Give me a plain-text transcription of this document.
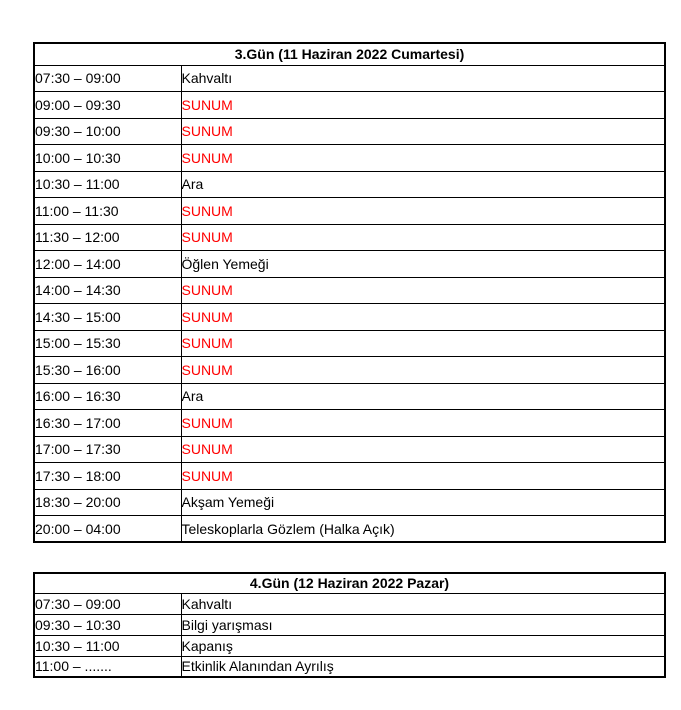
3.Gün (11 Haziran 2022 Cumartesi)	
07:30 – 09:00	Kahvaltı
09:00 – 09:30	SUNUM
09:30 – 10:00	SUNUM
10:00 – 10:30	SUNUM
10:30 – 11:00	Ara
11:00 – 11:30	SUNUM
11:30 – 12:00	SUNUM
12:00 – 14:00	Öğlen Yemeği
14:00 – 14:30	SUNUM
14:30 – 15:00	SUNUM
15:00 – 15:30	SUNUM
15:30 – 16:00	SUNUM
16:00 – 16:30	Ara
16:30 – 17:00	SUNUM
17:00 – 17:30	SUNUM
17:30 – 18:00	SUNUM
18:30 – 20:00	Akşam Yemeği
20:00 – 04:00	Teleskoplarla Gözlem (Halka Açık)
4.Gün (12 Haziran 2022 Pazar)	
07:30 – 09:00	Kahvaltı
09:30 – 10:30	Bilgi yarışması
10:30 – 11:00	Kapanış
11:00 – .......	Etkinlik Alanından Ayrılış
